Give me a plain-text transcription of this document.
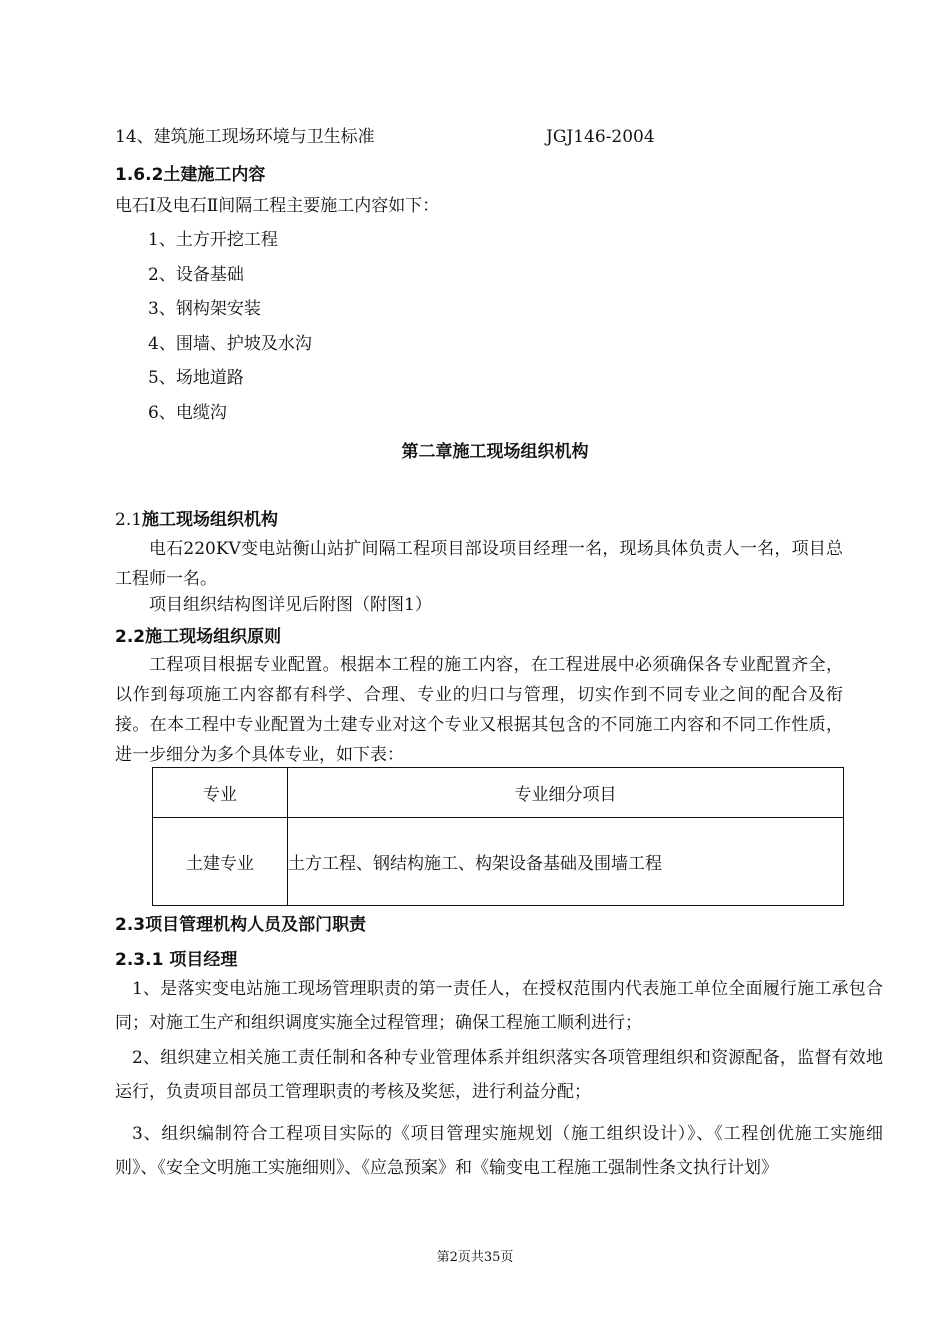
14、建筑施工现场环境与卫生标准	JGJ146-2004
1.6.2土建施工内容
电石Ⅰ及电石Ⅱ间隔工程主要施工内容如下：
1、土方开挖工程
2、设备基础
3、钢构架安装
4、围墙、护坡及水沟
5、场地道路
6、电缆沟
第二章施工现场组织机构
2.1施工现场组织机构
电石220KV变电站衡山站扩间隔工程项目部设项目经理一名，现场具体负责人一名，项目总工程师一名。
项目组织结构图详见后附图（附图1）
2.2施工现场组织原则
工程项目根据专业配置。根据本工程的施工内容，在工程进展中必须确保各专业配置齐全，以作到每项施工内容都有科学、合理、专业的归口与管理，切实作到不同专业之间的配合及衔接。在本工程中专业配置为土建专业对这个专业又根据其包含的不同施工内容和不同工作性质，进一步细分为多个具体专业，如下表：
专业	专业细分项目
土建专业	土方工程、钢结构施工、构架设备基础及围墙工程
2.3项目管理机构人员及部门职责
2.3.1 项目经理
1、是落实变电站施工现场管理职责的第一责任人，在授权范围内代表施工单位全面履行施工承包合同；对施工生产和组织调度实施全过程管理；确保工程施工顺利进行；
2、组织建立相关施工责任制和各种专业管理体系并组织落实各项管理组织和资源配备，监督有效地运行，负责项目部员工管理职责的考核及奖惩，进行利益分配；
3、组织编制符合工程项目实际的《项目管理实施规划（施工组织设计）》、《工程创优施工实施细则》、《安全文明施工实施细则》、《应急预案》和《输变电工程施工强制性条文执行计划》
第2页共35页
